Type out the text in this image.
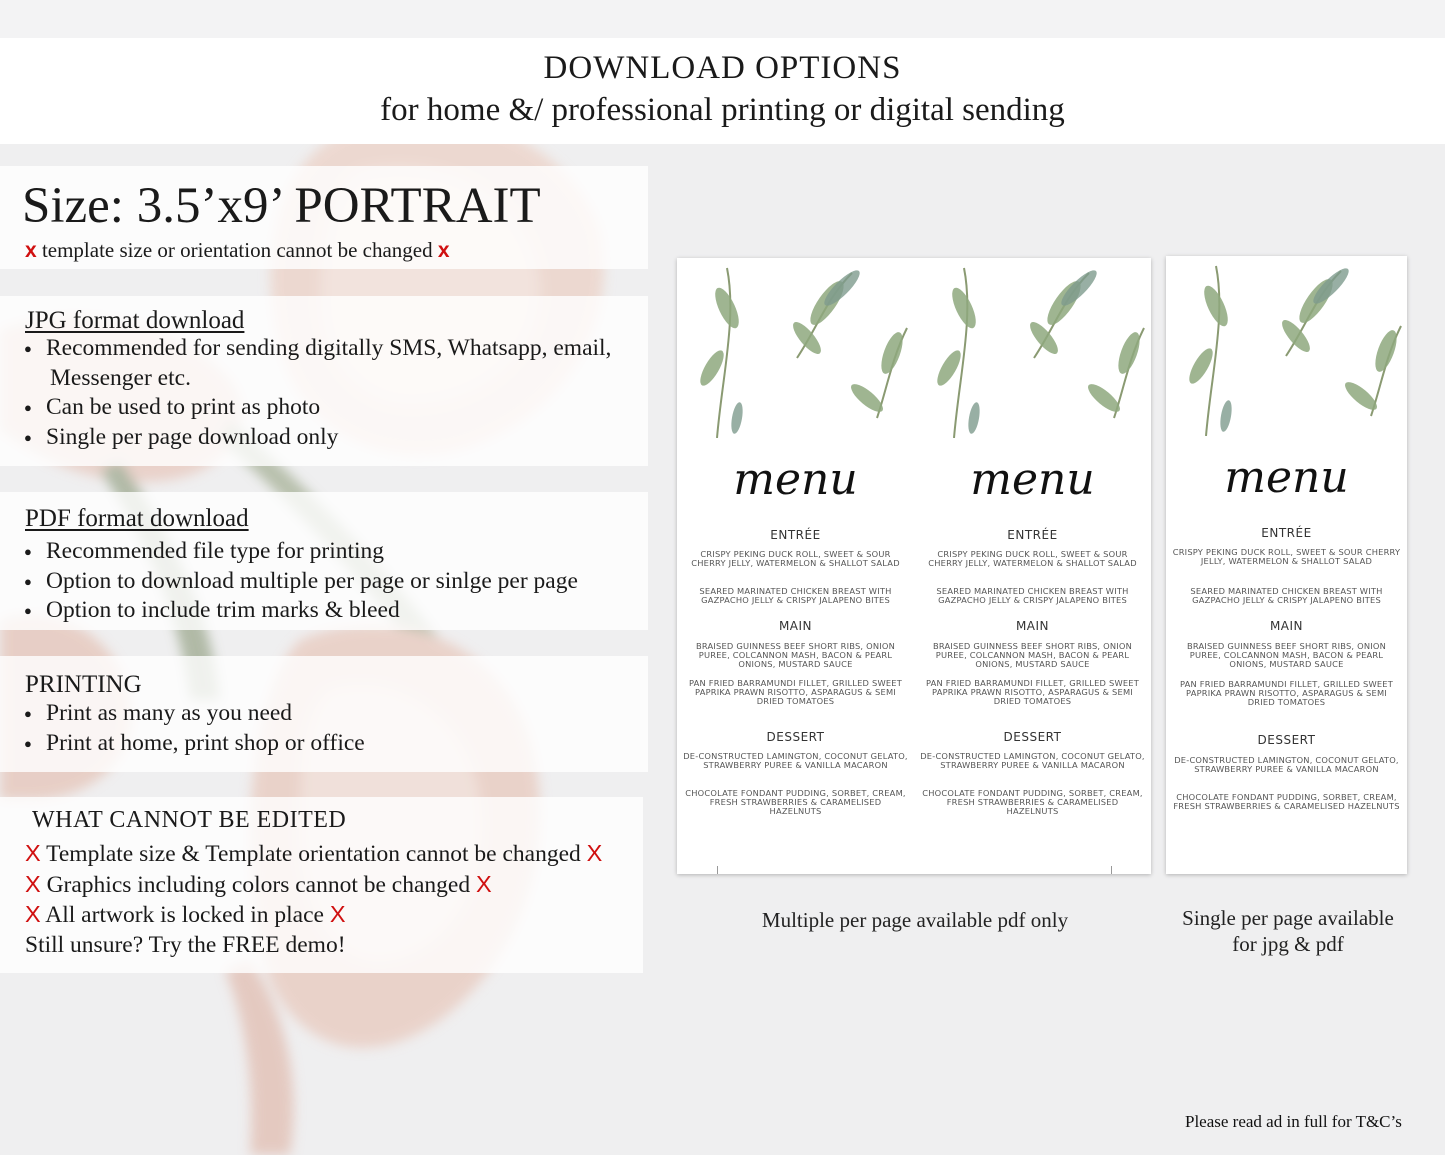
DOWNLOAD OPTIONS
for home &/ professional printing or digital sending
Size: 3.5’x9’ PORTRAIT
x template size or orientation cannot be changed x
JPG format download
● Recommended for sending digitally SMS, Whatsapp, email,
Messenger etc.
● Can be used to print as photo
● Single per page download only
PDF format download
● Recommended file type for printing
● Option to download multiple per page or sinlge per page
● Option to include trim marks & bleed
PRINTING
● Print as many as you need
● Print at home, print shop or office
WHAT CANNOT BE EDITED
X Template size & Template orientation cannot be changed X
X Graphics including colors cannot be changed X
X All artwork is locked in place X
Still unsure? Try the FREE demo!
menu
ENTRÉE
CRISPY PEKING DUCK ROLL, SWEET & SOUR CHERRY JELLY, WATERMELON & SHALLOT SALAD
SEARED MARINATED CHICKEN BREAST WITH GAZPACHO JELLY & CRISPY JALAPENO BITES
MAIN
BRAISED GUINNESS BEEF SHORT RIBS, ONION PUREE, COLCANNON MASH, BACON & PEARL ONIONS, MUSTARD SAUCE
PAN FRIED BARRAMUNDI FILLET, GRILLED SWEET PAPRIKA PRAWN RISOTTO, ASPARAGUS & SEMI DRIED TOMATOES
DESSERT
DE-CONSTRUCTED LAMINGTON, COCONUT GELATO, STRAWBERRY PUREE & VANILLA MACARON
CHOCOLATE FONDANT PUDDING, SORBET, CREAM, FRESH STRAWBERRIES & CARAMELISED HAZELNUTS
menu
ENTRÉE
CRISPY PEKING DUCK ROLL, SWEET & SOUR CHERRY JELLY, WATERMELON & SHALLOT SALAD
SEARED MARINATED CHICKEN BREAST WITH GAZPACHO JELLY & CRISPY JALAPENO BITES
MAIN
BRAISED GUINNESS BEEF SHORT RIBS, ONION PUREE, COLCANNON MASH, BACON & PEARL ONIONS, MUSTARD SAUCE
PAN FRIED BARRAMUNDI FILLET, GRILLED SWEET PAPRIKA PRAWN RISOTTO, ASPARAGUS & SEMI DRIED TOMATOES
DESSERT
DE-CONSTRUCTED LAMINGTON, COCONUT GELATO, STRAWBERRY PUREE & VANILLA MACARON
CHOCOLATE FONDANT PUDDING, SORBET, CREAM, FRESH STRAWBERRIES & CARAMELISED HAZELNUTS
menu
ENTRÉE
CRISPY PEKING DUCK ROLL, SWEET & SOUR CHERRY JELLY, WATERMELON & SHALLOT SALAD
SEARED MARINATED CHICKEN BREAST WITH GAZPACHO JELLY & CRISPY JALAPENO BITES
MAIN
BRAISED GUINNESS BEEF SHORT RIBS, ONION PUREE, COLCANNON MASH, BACON & PEARL ONIONS, MUSTARD SAUCE
PAN FRIED BARRAMUNDI FILLET, GRILLED SWEET PAPRIKA PRAWN RISOTTO, ASPARAGUS & SEMI DRIED TOMATOES
DESSERT
DE-CONSTRUCTED LAMINGTON, COCONUT GELATO, STRAWBERRY PUREE & VANILLA MACARON
CHOCOLATE FONDANT PUDDING, SORBET, CREAM, FRESH STRAWBERRIES & CARAMELISED HAZELNUTS
Multiple per page available pdf only	Single per page available
for jpg & pdf
Please read ad in full for T&C’s
